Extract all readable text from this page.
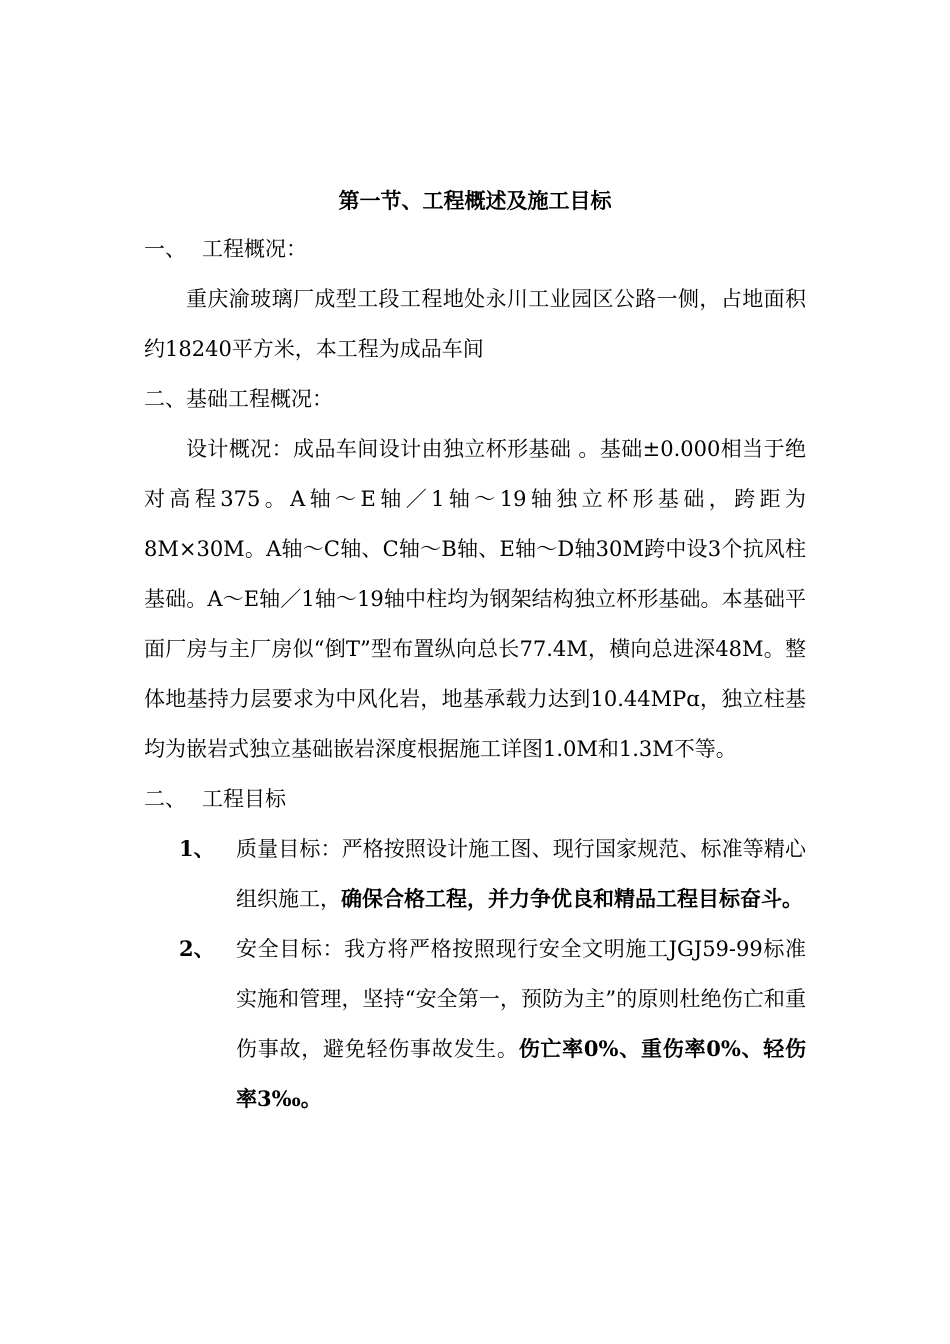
第一节、工程概述及施工目标

一、 工程概况：

重庆渝玻璃厂成型工段工程地处永川工业园区公路一侧，占地面积约18240平方米，本工程为成品车间

二、基础工程概况：

设计概况：成品车间设计由独立杯形基础 。基础±0.000相当于绝对高程375。A轴～E轴／1轴～19轴独立杯形基础，跨距为8M×30M。A轴～C轴、C轴～B轴、E轴～D轴30M跨中设3个抗风柱基础。A～E轴／1轴～19轴中柱均为钢架结构独立杯形基础。本基础平面厂房与主厂房似“倒T”型布置纵向总长77.4M，横向总进深48M。整体地基持力层要求为中风化岩，地基承载力达到10.44MPɑ，独立柱基均为嵌岩式独立基础嵌岩深度根据施工详图1.0M和1.3M不等。

二、 工程目标

1、 质量目标：严格按照设计施工图、现行国家规范、标准等精心组织施工，确保合格工程，并力争优良和精品工程目标奋斗。
2、 安全目标：我方将严格按照现行安全文明施工JGJ59-99标准实施和管理，坚持“安全第一，预防为主”的原则杜绝伤亡和重伤事故，避免轻伤事故发生。伤亡率0%、重伤率0%、轻伤率3‰。
